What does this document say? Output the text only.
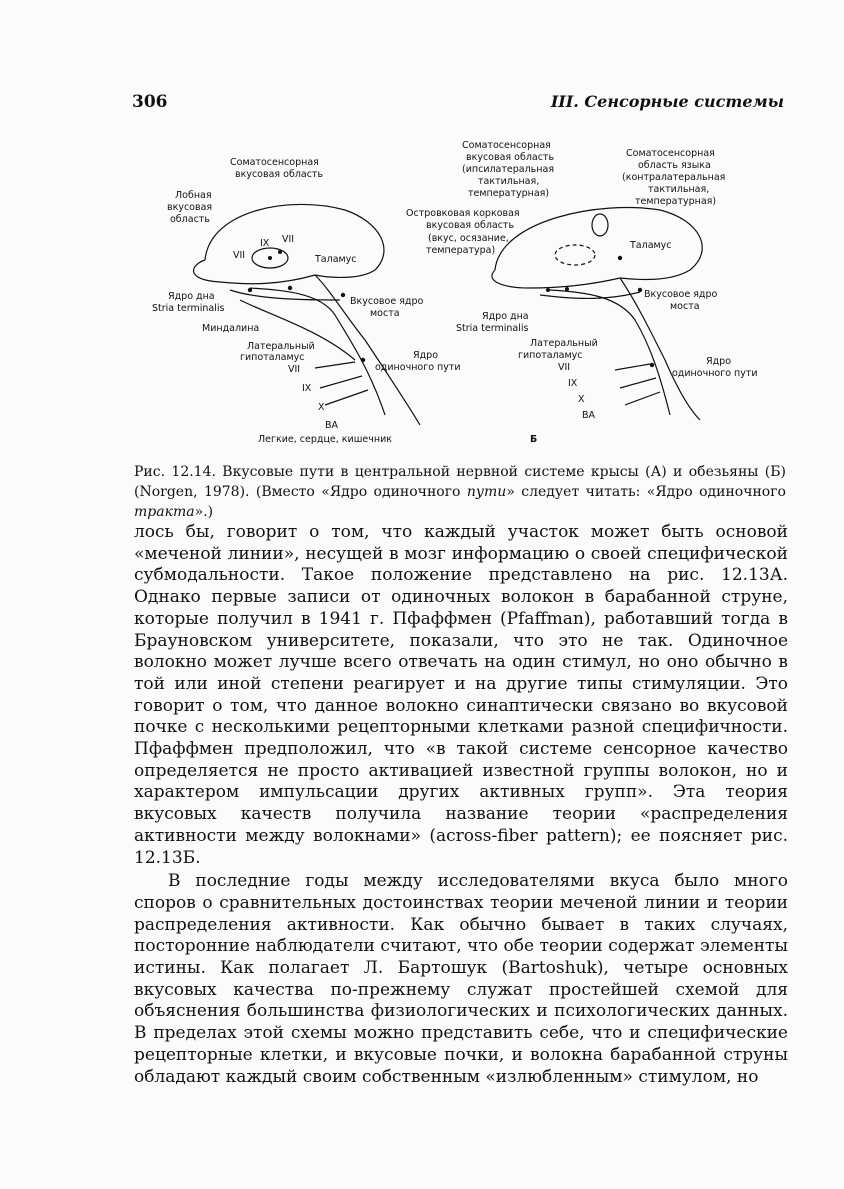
306	III. Сенсорные системы
Соматосенсорная
вкусовая область
Лобная
вкусовая
область
VII
IX VII
Таламус
Ядро дна
Stria terminalis
Миндалина
Вкусовое ядро
моста
Латеральный
гипоталамус	Ядро
одиночного пути
VII
IX
X
ВА
Легкие, сердце, кишечник
Соматосенсорная
вкусовая область
(ипсилатеральная
тактильная,
температурная)
Соматосенсорная
область языка
(контралатеральная
тактильная,
температурная)
Островковая корковая
вкусовая область
(вкус, осязание,
температура)	Таламус
Вкусовое ядро
моста
Ядро дна
Stria terminalis
Латеральный
гипоталамус
Ядро
одиночного пути
VII
IX
X
ВА
Б

Рис. 12.14. Вкусовые пути в центральной нервной системе крысы (А) и обезьяны (Б) (Norgen, 1978). (Вместо «Ядро одиночного пути» следует читать: «Ядро одиночного тракта».)

лось бы, говорит о том, что каждый участок может быть основой «меченой линии», несущей в мозг информацию о своей специфической субмодальности. Такое положение представлено на рис. 12.13А. Однако первые записи от одиночных волокон в барабанной струне, которые получил в 1941 г. Пфаффмен (Pfaffman), работавший тогда в Брауновском университете, показали, что это не так. Одиночное волокно может лучше всего отвечать на один стимул, но оно обычно в той или иной степени реагирует и на другие типы стимуляции. Это говорит о том, что данное волокно синаптически связано во вкусовой почке с несколькими рецепторными клетками разной специфичности. Пфаффмен предположил, что «в такой системе сенсорное качество определяется не просто активацией известной группы волокон, но и характером импульсации других активных групп». Эта теория вкусовых качеств получила название теории «распределения активности между волокнами» (across-fiber pattern); ее поясняет рис. 12.13Б.

В последние годы между исследователями вкуса было много споров о сравнительных достоинствах теории меченой линии и теории распределения активности. Как обычно бывает в таких случаях, посторонние наблюдатели считают, что обе теории содержат элементы истины. Как полагает Л. Бартошук (Bartoshuk), четыре основных вкусовых качества по-прежнему служат простейшей схемой для объяснения большинства физиологических и психологических данных. В пределах этой схемы можно представить себе, что и специфические рецепторные клетки, и вкусовые почки, и волокна барабанной струны обладают каждый своим собственным «излюбленным» стимулом, но
